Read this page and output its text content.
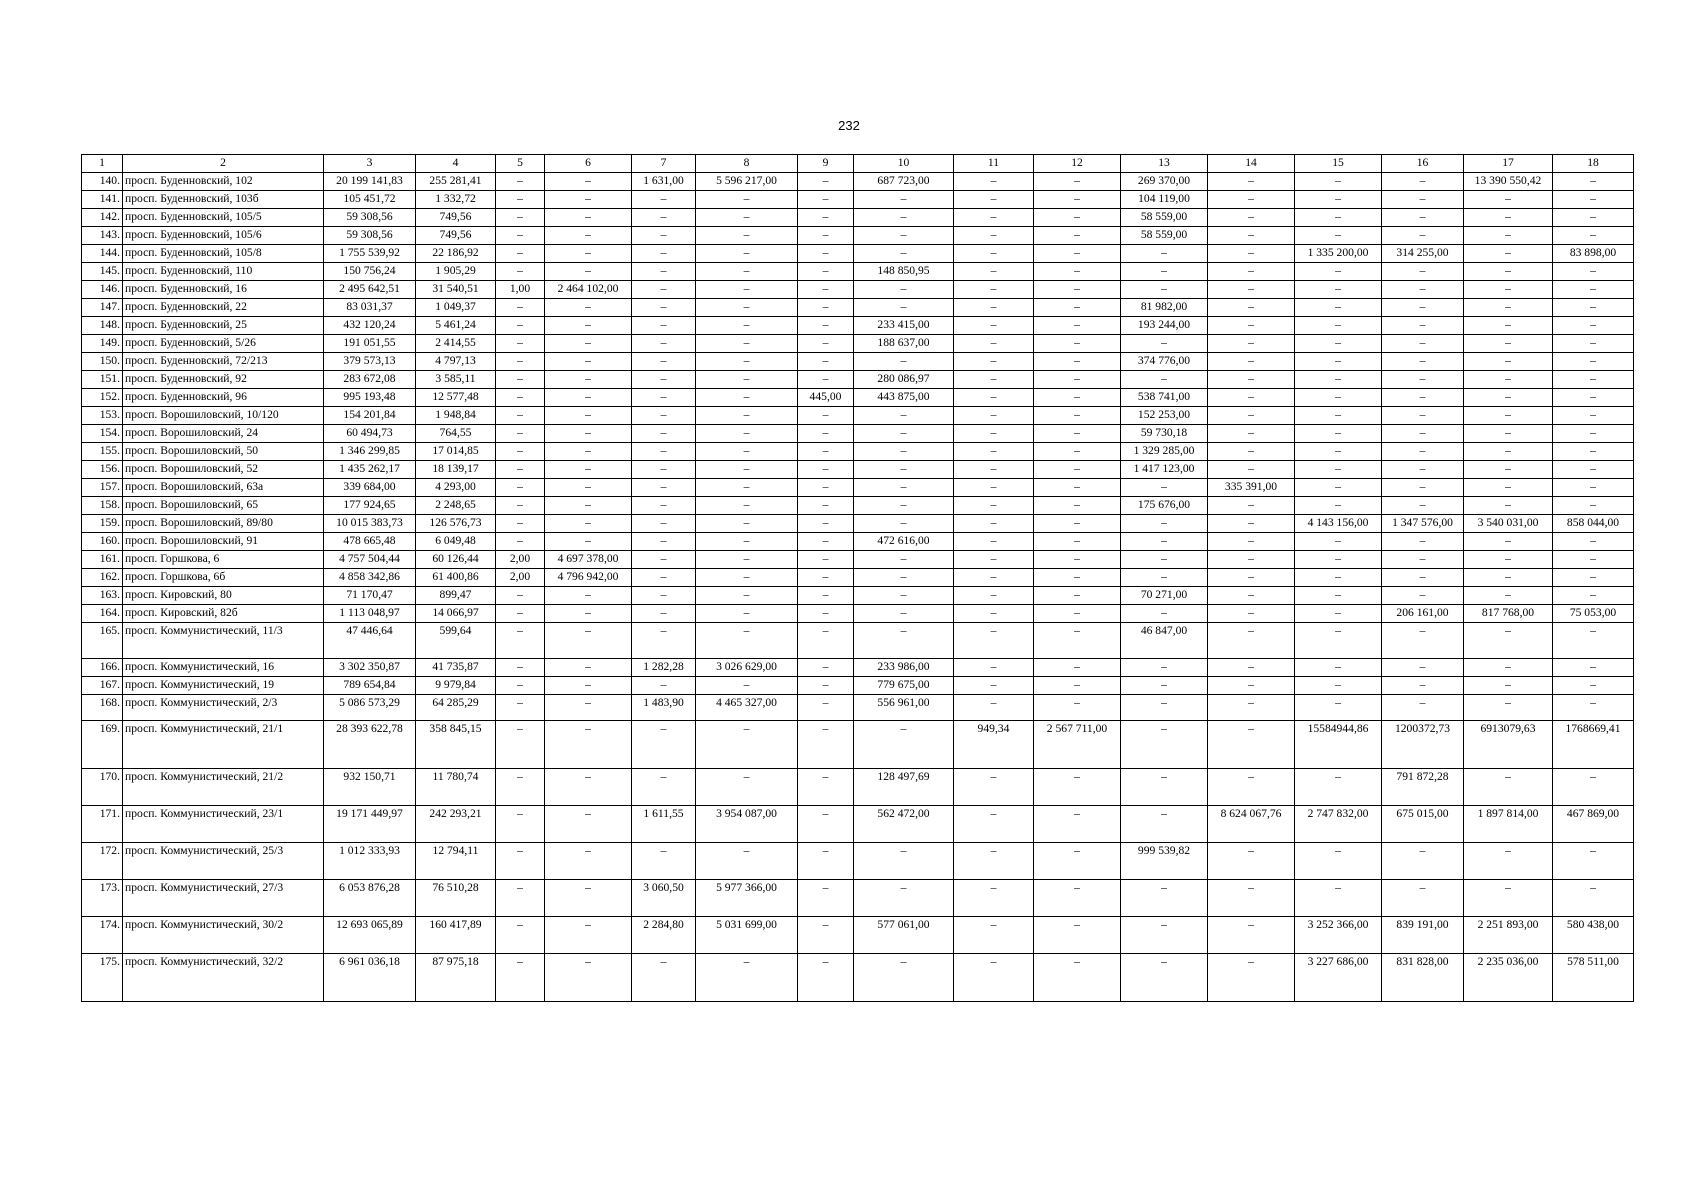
232
1	2	3	4	5	6	7	8	9	10	11	12	13	14	15	16	17	18
140.	просп. Буденновский, 102	20 199 141,83	255 281,41	–	–	1 631,00	5 596 217,00	–	687 723,00	–	–	269 370,00	–	–	–	13 390 550,42	–
141.	просп. Буденновский, 103б	105 451,72	1 332,72	–	–	–	–	–	–	–	–	104 119,00	–	–	–	–	–
142.	просп. Буденновский, 105/5	59 308,56	749,56	–	–	–	–	–	–	–	–	58 559,00	–	–	–	–	–
143.	просп. Буденновский, 105/6	59 308,56	749,56	–	–	–	–	–	–	–	–	58 559,00	–	–	–	–	–
144.	просп. Буденновский, 105/8	1 755 539,92	22 186,92	–	–	–	–	–	–	–	–	–	–	1 335 200,00	314 255,00	–	83 898,00
145.	просп. Буденновский, 110	150 756,24	1 905,29	–	–	–	–	–	148 850,95	–	–	–	–	–	–	–	–
146.	просп. Буденновский, 16	2 495 642,51	31 540,51	1,00	2 464 102,00	–	–	–	–	–	–	–	–	–	–	–	–
147.	просп. Буденновский, 22	83 031,37	1 049,37	–	–	–	–	–	–	–	–	81 982,00	–	–	–	–	–
148.	просп. Буденновский, 25	432 120,24	5 461,24	–	–	–	–	–	233 415,00	–	–	193 244,00	–	–	–	–	–
149.	просп. Буденновский, 5/26	191 051,55	2 414,55	–	–	–	–	–	188 637,00	–	–	–	–	–	–	–	–
150.	просп. Буденновский, 72/213	379 573,13	4 797,13	–	–	–	–	–	–	–	–	374 776,00	–	–	–	–	–
151.	просп. Буденновский, 92	283 672,08	3 585,11	–	–	–	–	–	280 086,97	–	–	–	–	–	–	–	–
152.	просп. Буденновский, 96	995 193,48	12 577,48	–	–	–	–	445,00	443 875,00	–	–	538 741,00	–	–	–	–	–
153.	просп. Ворошиловский, 10/120	154 201,84	1 948,84	–	–	–	–	–	–	–	–	152 253,00	–	–	–	–	–
154.	просп. Ворошиловский, 24	60 494,73	764,55	–	–	–	–	–	–	–	–	59 730,18	–	–	–	–	–
155.	просп. Ворошиловский, 50	1 346 299,85	17 014,85	–	–	–	–	–	–	–	–	1 329 285,00	–	–	–	–	–
156.	просп. Ворошиловский, 52	1 435 262,17	18 139,17	–	–	–	–	–	–	–	–	1 417 123,00	–	–	–	–	–
157.	просп. Ворошиловский, 63а	339 684,00	4 293,00	–	–	–	–	–	–	–	–	–	335 391,00	–	–	–	–
158.	просп. Ворошиловский, 65	177 924,65	2 248,65	–	–	–	–	–	–	–	–	175 676,00	–	–	–	–	–
159.	просп. Ворошиловский, 89/80	10 015 383,73	126 576,73	–	–	–	–	–	–	–	–	–	–	4 143 156,00	1 347 576,00	3 540 031,00	858 044,00
160.	просп. Ворошиловский, 91	478 665,48	6 049,48	–	–	–	–	–	472 616,00	–	–	–	–	–	–	–	–
161.	просп. Горшкова, 6	4 757 504,44	60 126,44	2,00	4 697 378,00	–	–	–	–	–	–	–	–	–	–	–	–
162.	просп. Горшкова, 6б	4 858 342,86	61 400,86	2,00	4 796 942,00	–	–	–	–	–	–	–	–	–	–	–	–
163.	просп. Кировский, 80	71 170,47	899,47	–	–	–	–	–	–	–	–	70 271,00	–	–	–	–	–
164.	просп. Кировский, 82б	1 113 048,97	14 066,97	–	–	–	–	–	–	–	–	–	–	–	206 161,00	817 768,00	75 053,00
165.	просп. Коммунистический, 11/3	47 446,64	599,64	–	–	–	–	–	–	–	–	46 847,00	–	–	–	–	–
166.	просп. Коммунистический, 16	3 302 350,87	41 735,87	–	–	1 282,28	3 026 629,00	–	233 986,00	–	–	–	–	–	–	–	–
167.	просп. Коммунистический, 19	789 654,84	9 979,84	–	–	–	–	–	779 675,00	–	–	–	–	–	–	–	–
168.	просп. Коммунистический, 2/3	5 086 573,29	64 285,29	–	–	1 483,90	4 465 327,00	–	556 961,00	–	–	–	–	–	–	–	–
169.	просп. Коммунистический, 21/1	28 393 622,78	358 845,15	–	–	–	–	–	–	949,34	2 567 711,00	–	–	15584944,86	1200372,73	6913079,63	1768669,41
170.	просп. Коммунистический, 21/2	932 150,71	11 780,74	–	–	–	–	–	128 497,69	–	–	–	–	–	791 872,28	–	–
171.	просп. Коммунистический, 23/1	19 171 449,97	242 293,21	–	–	1 611,55	3 954 087,00	–	562 472,00	–	–	–	8 624 067,76	2 747 832,00	675 015,00	1 897 814,00	467 869,00
172.	просп. Коммунистический, 25/3	1 012 333,93	12 794,11	–	–	–	–	–	–	–	–	999 539,82	–	–	–	–	–
173.	просп. Коммунистический, 27/3	6 053 876,28	76 510,28	–	–	3 060,50	5 977 366,00	–	–	–	–	–	–	–	–	–	–
174.	просп. Коммунистический, 30/2	12 693 065,89	160 417,89	–	–	2 284,80	5 031 699,00	–	577 061,00	–	–	–	–	3 252 366,00	839 191,00	2 251 893,00	580 438,00
175.	просп. Коммунистический, 32/2	6 961 036,18	87 975,18	–	–	–	–	–	–	–	–	–	–	3 227 686,00	831 828,00	2 235 036,00	578 511,00
